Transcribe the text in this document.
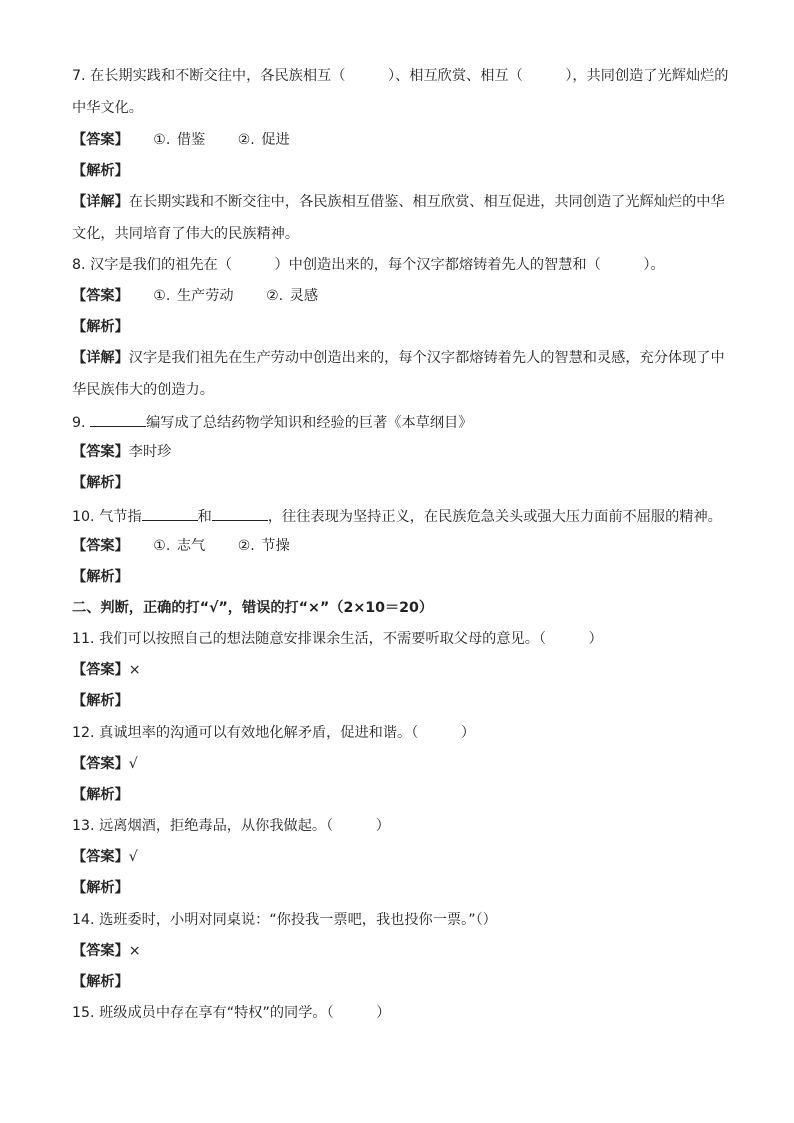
7. 在长期实践和不断交往中，各民族相互（　　　）、相互欣赏、相互（　　　），共同创造了光辉灿烂的
中华文化。
【答案】 ①. 借鉴 ②. 促进
【解析】
【详解】在长期实践和不断交往中，各民族相互借鉴、相互欣赏、相互促进，共同创造了光辉灿烂的中华
文化，共同培育了伟大的民族精神。
8. 汉字是我们的祖先在（　　　）中创造出来的，每个汉字都熔铸着先人的智慧和（　　　）。
【答案】 ①. 生产劳动 ②. 灵感
【解析】
【详解】汉字是我们祖先在生产劳动中创造出来的，每个汉字都熔铸着先人的智慧和灵感，充分体现了中
华民族伟大的创造力。
9.	编写成了总结药物学知识和经验的巨著《本草纲目》
【答案】李时珍
【解析】
10. 气节指	和	，往往表现为坚持正义，在民族危急关头或强大压力面前不屈服的精神。
【答案】 ①. 志气 ②. 节操
【解析】
二、判断，正确的打“√”，错误的打“×”（2×10＝20）
11. 我们可以按照自己的想法随意安排课余生活，不需要听取父母的意见。（　　　）
【答案】×
【解析】
12. 真诚坦率的沟通可以有效地化解矛盾，促进和谐。（　　　）
【答案】√
【解析】
13. 远离烟酒，拒绝毒品，从你我做起。（　　　）
【答案】√
【解析】
14. 选班委时，小明对同桌说：“你投我一票吧，我也投你一票。”（）
【答案】×
【解析】
15. 班级成员中存在享有“特权”的同学。（　　　）
